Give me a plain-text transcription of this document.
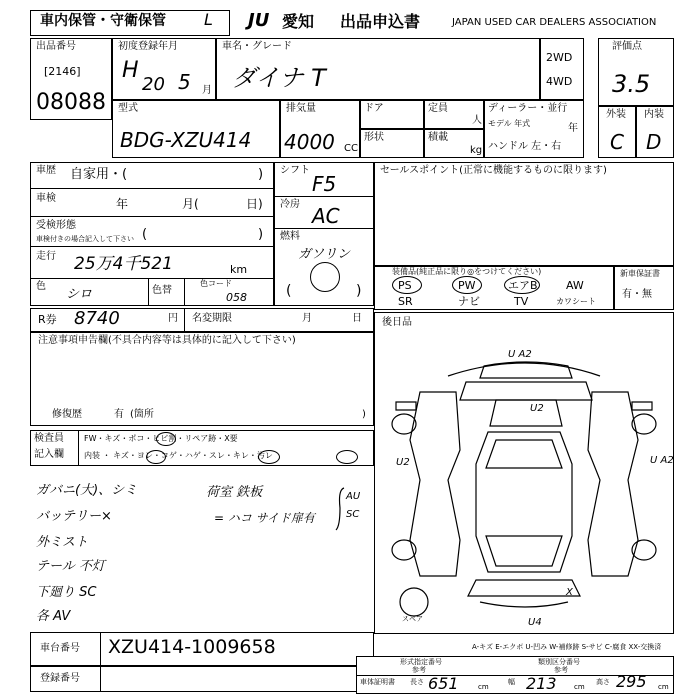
車内保管・守衛保管 L JU 愛知 出品申込書	JAPAN USED CAR DEALERS ASSOCIATION
出品番号
[2146]
08088
初度登録年月
H
20 5 月
車名・グレード
ダイナ T
2WD
4WD
評価点
3.5
型式
BDG-XZU414
排気量
4000 CC
ドア
形状
定員
人
積載
kg
ディーラー・並行
モデル 年式	年
ハンドル 左・右
外装
C
内装
D
車歴 自家用・(	)
車検	年	月(	日)
受検形態
車検付きの場合記入して下さい (	)
走行 25万4千521	km
色
シロ	色替
色コード
058
シフト
F5
冷房 AC
燃料
ガソリン
(	)
セールスポイント(正常に機能するものに限ります)
装備品(純正品に限り◎をつけてください)
PS	PW	エアB	AW
SR	ナビ	TV	カワシート
新車保証書
有・無
R券 8740	円 名変期限	月	日
注意事項申告欄(不具合内容等は具体的に記入して下さい)
修復歴	有 (箇所	)
検査員
記入欄
FW・キズ・ポコ・ヒビ割・リペア跡・X要
内装 ・ キズ・ヨレ・コゲ・ハゲ・スレ・キレ・汚レ
ガバニ(大)、シミ
バッテリー×
外ミスト
テール 不灯
下廻り SC
各 AV
荷室 鉄板
= ハコ サイド扉有
AU
SC
後日品
U A2
U2
U2	U A2
U4
X
スペア
車台番号 XZU414-1009658
登録番号
A-キズ E-エクボ U-凹み W-補修跡 S-サビ C-腐食 XX-交換済
形式指定番号
参考
類別区分番号
参考
車体証明書 長さ 651	cm
幅 213 cm
高さ 295 cm
